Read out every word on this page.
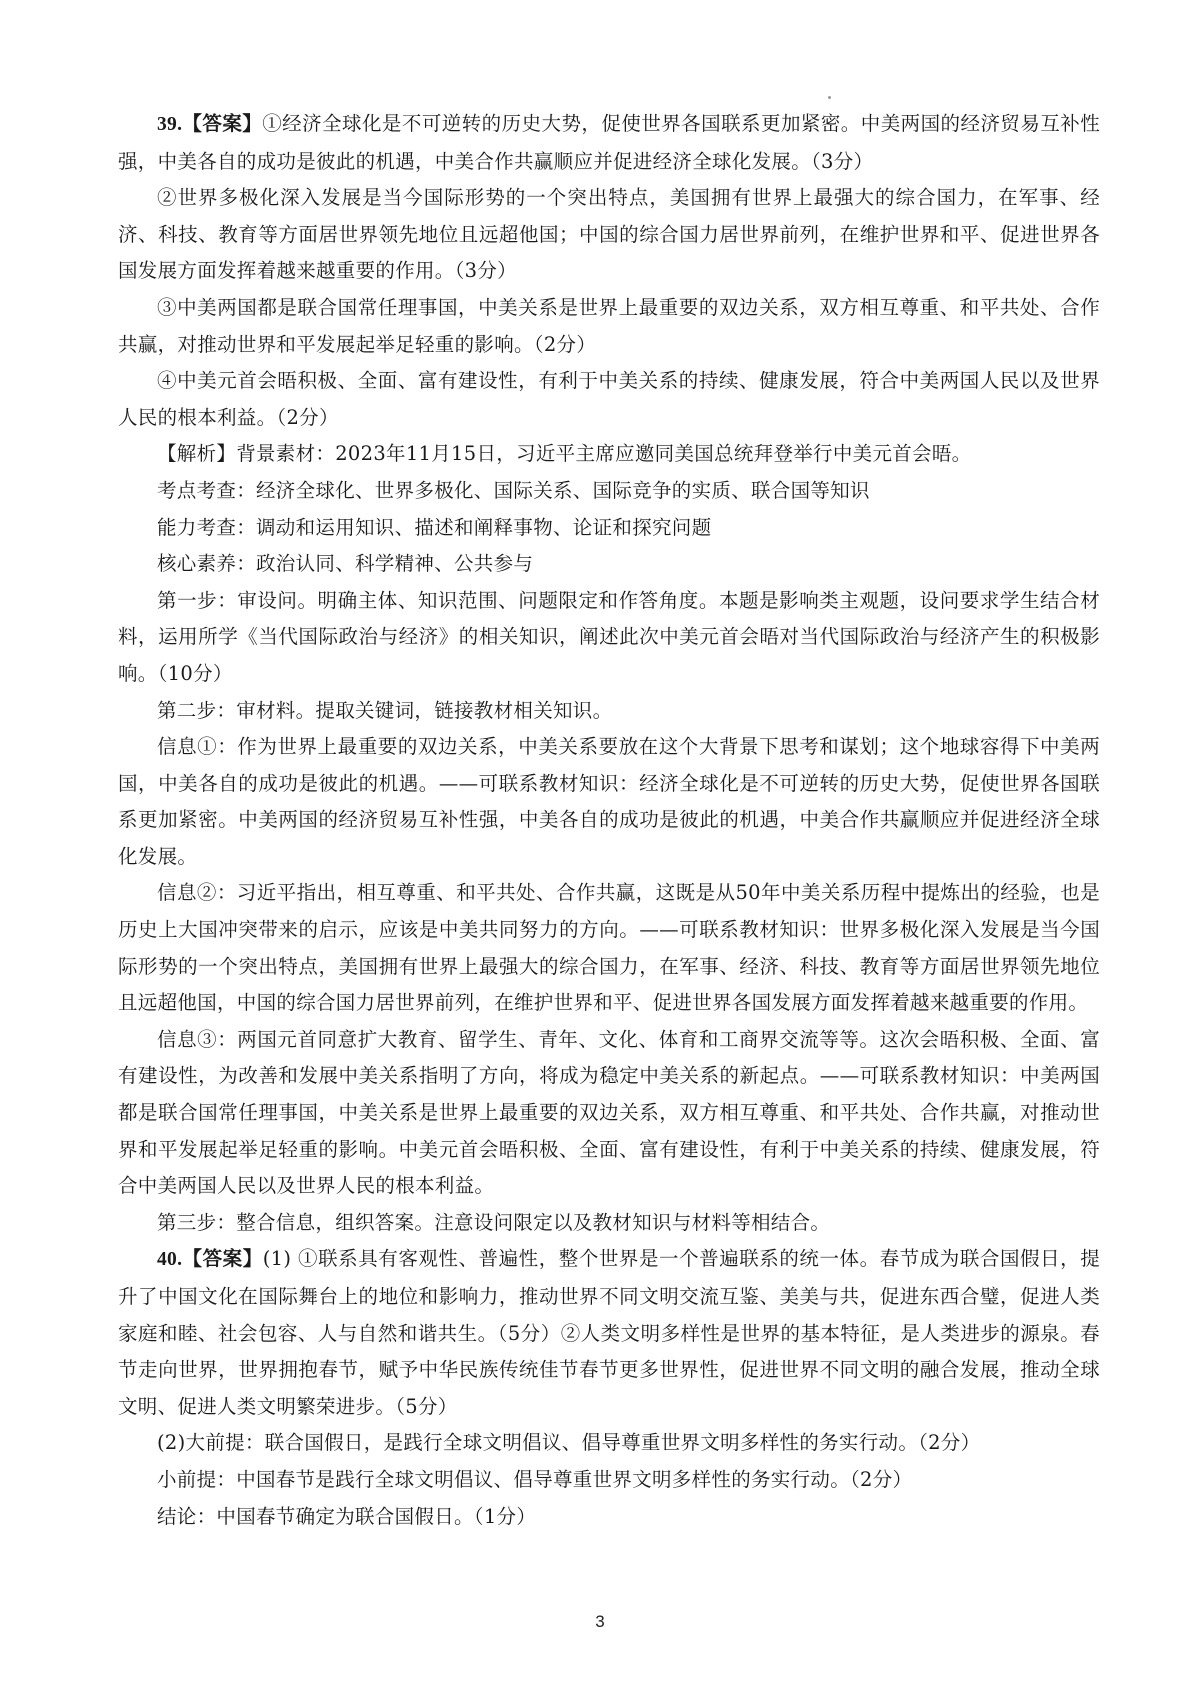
39.【答案】①经济全球化是不可逆转的历史大势，促使世界各国联系更加紧密。中美两国的经济贸易互补性强，中美各自的成功是彼此的机遇，中美合作共赢顺应并促进经济全球化发展。（3分）

②世界多极化深入发展是当今国际形势的一个突出特点，美国拥有世界上最强大的综合国力，在军事、经济、科技、教育等方面居世界领先地位且远超他国；中国的综合国力居世界前列，在维护世界和平、促进世界各国发展方面发挥着越来越重要的作用。（3分）

③中美两国都是联合国常任理事国，中美关系是世界上最重要的双边关系，双方相互尊重、和平共处、合作共赢，对推动世界和平发展起举足轻重的影响。（2分）

④中美元首会晤积极、全面、富有建设性，有利于中美关系的持续、健康发展，符合中美两国人民以及世界人民的根本利益。（2分）

【解析】背景素材：2023年11月15日，习近平主席应邀同美国总统拜登举行中美元首会晤。

考点考查：经济全球化、世界多极化、国际关系、国际竞争的实质、联合国等知识

能力考查：调动和运用知识、描述和阐释事物、论证和探究问题

核心素养：政治认同、科学精神、公共参与

第一步：审设问。明确主体、知识范围、问题限定和作答角度。本题是影响类主观题，设问要求学生结合材料，运用所学《当代国际政治与经济》的相关知识，阐述此次中美元首会晤对当代国际政治与经济产生的积极影响。（10分）

第二步：审材料。提取关键词，链接教材相关知识。

信息①：作为世界上最重要的双边关系，中美关系要放在这个大背景下思考和谋划；这个地球容得下中美两国，中美各自的成功是彼此的机遇。——可联系教材知识：经济全球化是不可逆转的历史大势，促使世界各国联系更加紧密。中美两国的经济贸易互补性强，中美各自的成功是彼此的机遇，中美合作共赢顺应并促进经济全球化发展。

信息②：习近平指出，相互尊重、和平共处、合作共赢，这既是从50年中美关系历程中提炼出的经验，也是历史上大国冲突带来的启示，应该是中美共同努力的方向。——可联系教材知识：世界多极化深入发展是当今国际形势的一个突出特点，美国拥有世界上最强大的综合国力，在军事、经济、科技、教育等方面居世界领先地位且远超他国，中国的综合国力居世界前列，在维护世界和平、促进世界各国发展方面发挥着越来越重要的作用。

信息③：两国元首同意扩大教育、留学生、青年、文化、体育和工商界交流等等。这次会晤积极、全面、富有建设性，为改善和发展中美关系指明了方向，将成为稳定中美关系的新起点。——可联系教材知识：中美两国都是联合国常任理事国，中美关系是世界上最重要的双边关系，双方相互尊重、和平共处、合作共赢，对推动世界和平发展起举足轻重的影响。中美元首会晤积极、全面、富有建设性，有利于中美关系的持续、健康发展，符合中美两国人民以及世界人民的根本利益。

第三步：整合信息，组织答案。注意设问限定以及教材知识与材料等相结合。

40.【答案】(1) ①联系具有客观性、普遍性，整个世界是一个普遍联系的统一体。春节成为联合国假日，提升了中国文化在国际舞台上的地位和影响力，推动世界不同文明交流互鉴、美美与共，促进东西合璧，促进人类家庭和睦、社会包容、人与自然和谐共生。（5分）②人类文明多样性是世界的基本特征，是人类进步的源泉。春节走向世界，世界拥抱春节，赋予中华民族传统佳节春节更多世界性，促进世界不同文明的融合发展，推动全球文明、促进人类文明繁荣进步。（5分）

(2)大前提：联合国假日，是践行全球文明倡议、倡导尊重世界文明多样性的务实行动。（2分）

小前提：中国春节是践行全球文明倡议、倡导尊重世界文明多样性的务实行动。（2分）

结论：中国春节确定为联合国假日。（1分）

3
